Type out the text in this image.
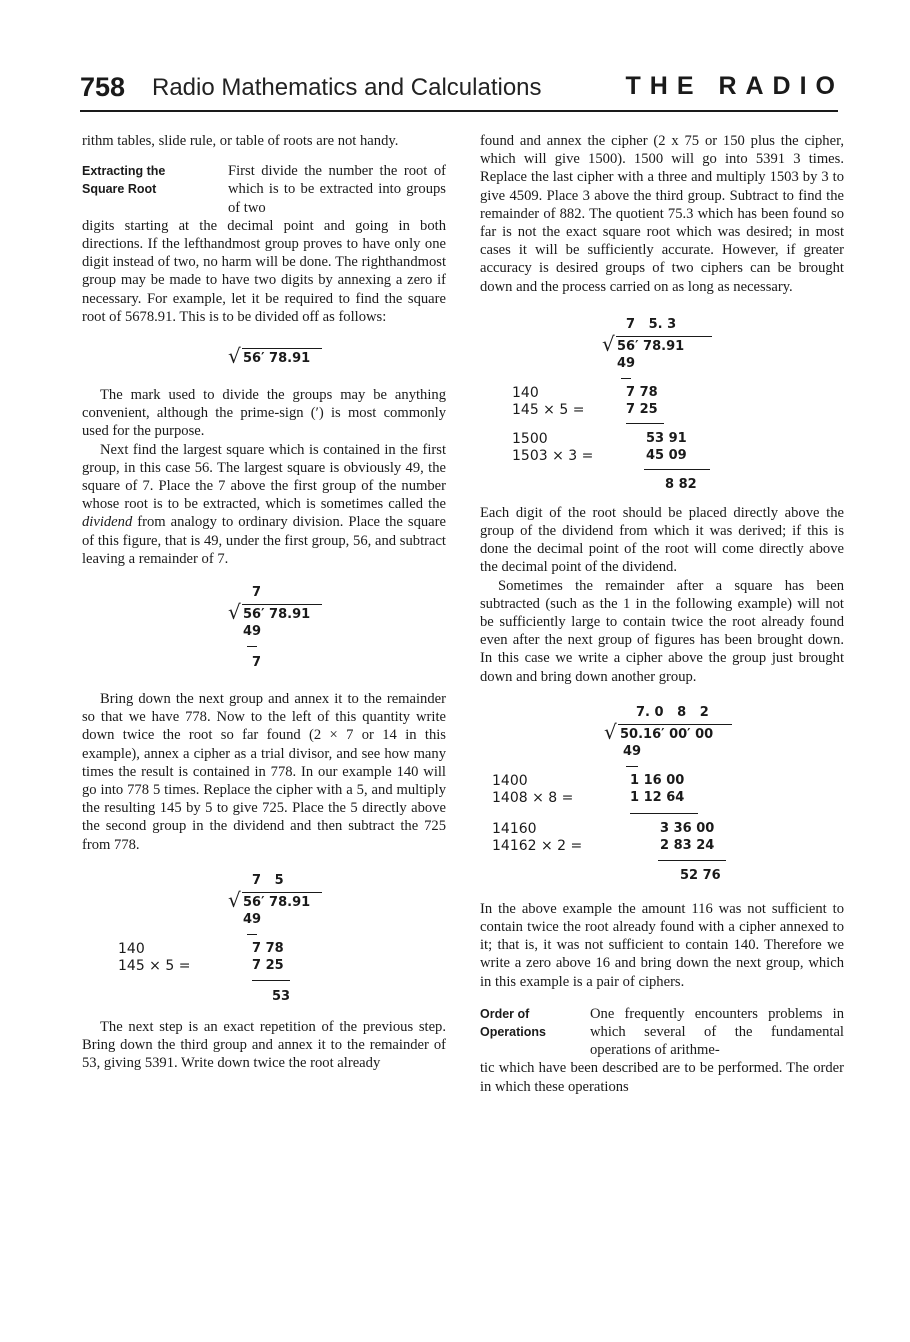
758 Radio Mathematics and Calculations	THE RADIO

rithm tables, slide rule, or table of roots are not handy.

Extracting the
Square Root
First divide the number the root of which is to be extracted into groups of two

digits starting at the decimal point and going in both directions. If the lefthandmost group proves to have only one digit instead of two, no harm will be done. The righthandmost group may be made to have two digits by annexing a zero if necessary. For example, let it be required to find the square root of 5678.91. This is to be divided off as follows:

√ 56′ 78.91

The mark used to divide the groups may be anything convenient, although the prime-sign (′) is most commonly used for the purpose.

Next find the largest square which is contained in the first group, in this case 56. The largest square is obviously 49, the square of 7. Place the 7 above the first group of the number whose root is to be extracted, which is sometimes called the dividend from analogy to ordinary division. Place the square of this figure, that is 49, under the first group, 56, and subtract leaving a remainder of 7.

7
√ 56′ 78.91
49
7

Bring down the next group and annex it to the remainder so that we have 778. Now to the left of this quantity write down twice the root so far found (2 × 7 or 14 in this example), annex a cipher as a trial divisor, and see how many times the result is contained in 778. In our example 140 will go into 778 5 times. Replace the cipher with a 5, and multiply the resulting 145 by 5 to give 725. Place the 5 directly above the second group in the dividend and then subtract the 725 from 778.

7   5
√ 56′ 78.91
49
140	7 78
145 × 5 =	7 25
53

The next step is an exact repetition of the previous step. Bring down the third group and annex it to the remainder of 53, giving 5391. Write down twice the root already

found and annex the cipher (2 x 75 or 150 plus the cipher, which will give 1500). 1500 will go into 5391 3 times. Replace the last cipher with a three and multiply 1503 by 3 to give 4509. Place 3 above the third group. Subtract to find the remainder of 882. The quotient 75.3 which has been found so far is not the exact square root which was desired; in most cases it will be sufficiently accurate. However, if greater accuracy is desired groups of two ciphers can be brought down and the process carried on as long as necessary.

7   5. 3
√ 56′ 78.91
49
140	7 78
145 × 5 =	7 25
1500	53 91
1503 × 3 =	45 09
8 82

Each digit of the root should be placed directly above the group of the dividend from which it was derived; if this is done the decimal point of the root will come directly above the decimal point of the dividend.

Sometimes the remainder after a square has been subtracted (such as the 1 in the following example) will not be sufficiently large to contain twice the root already found even after the next group of figures has been brought down. In this case we write a cipher above the group just brought down and bring down another group.

7. 0   8   2
√ 50.16′ 00′ 00
49
1400	1 16 00
1408 × 8 =	1 12 64
14160	3 36 00
14162 × 2 =	2 83 24
52 76

In the above example the amount 116 was not sufficient to contain twice the root already found with a cipher annexed to it; that is, it was not sufficient to contain 140. Therefore we write a zero above 16 and bring down the next group, which in this example is a pair of ciphers.

Order of
Operations
One frequently encounters problems in which several of the fundamental operations of arithme-

tic which have been described are to be performed. The order in which these operations
